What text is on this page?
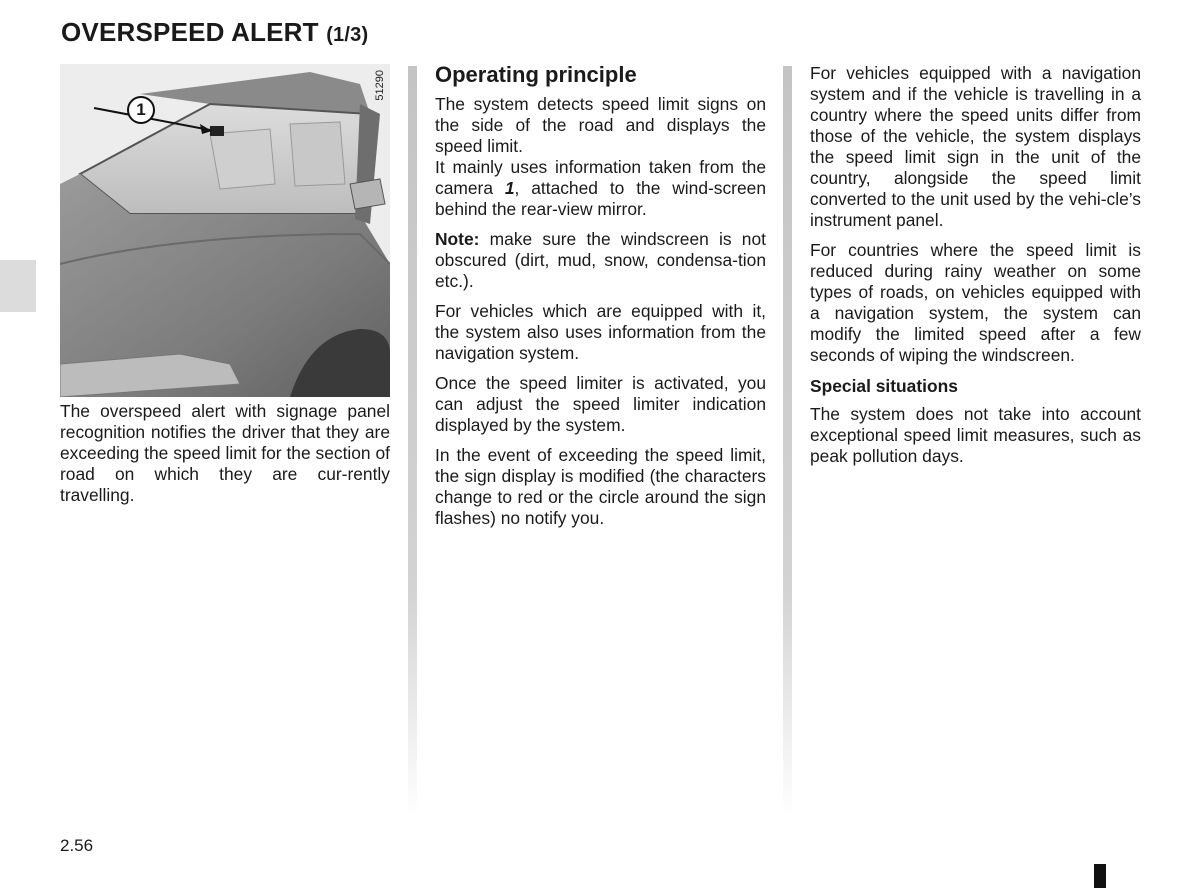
OVERSPEED ALERT (1/3)
51290
1

The overspeed alert with signage panel recognition notifies the driver that they are exceeding the speed limit for the section of road on which they are cur-rently travelling.

Operating principle

The system detects speed limit signs on the side of the road and displays the speed limit.
It mainly uses information taken from the camera 1, attached to the wind-screen behind the rear-view mirror.

Note: make sure the windscreen is not obscured (dirt, mud, snow, condensa-tion etc.).

For vehicles which are equipped with it, the system also uses information from the navigation system.

Once the speed limiter is activated, you can adjust the speed limiter indication displayed by the system.

In the event of exceeding the speed limit, the sign display is modified (the characters change to red or the circle around the sign flashes) no notify you.

For vehicles equipped with a navigation system and if the vehicle is travelling in a country where the speed units differ from those of the vehicle, the system displays the speed limit sign in the unit of the country, alongside the speed limit converted to the unit used by the vehi-cle’s instrument panel.

For countries where the speed limit is reduced during rainy weather on some types of roads, on vehicles equipped with a navigation system, the system can modify the limited speed after a few seconds of wiping the windscreen.

Special situations

The system does not take into account exceptional speed limit measures, such as peak pollution days.

2.56
